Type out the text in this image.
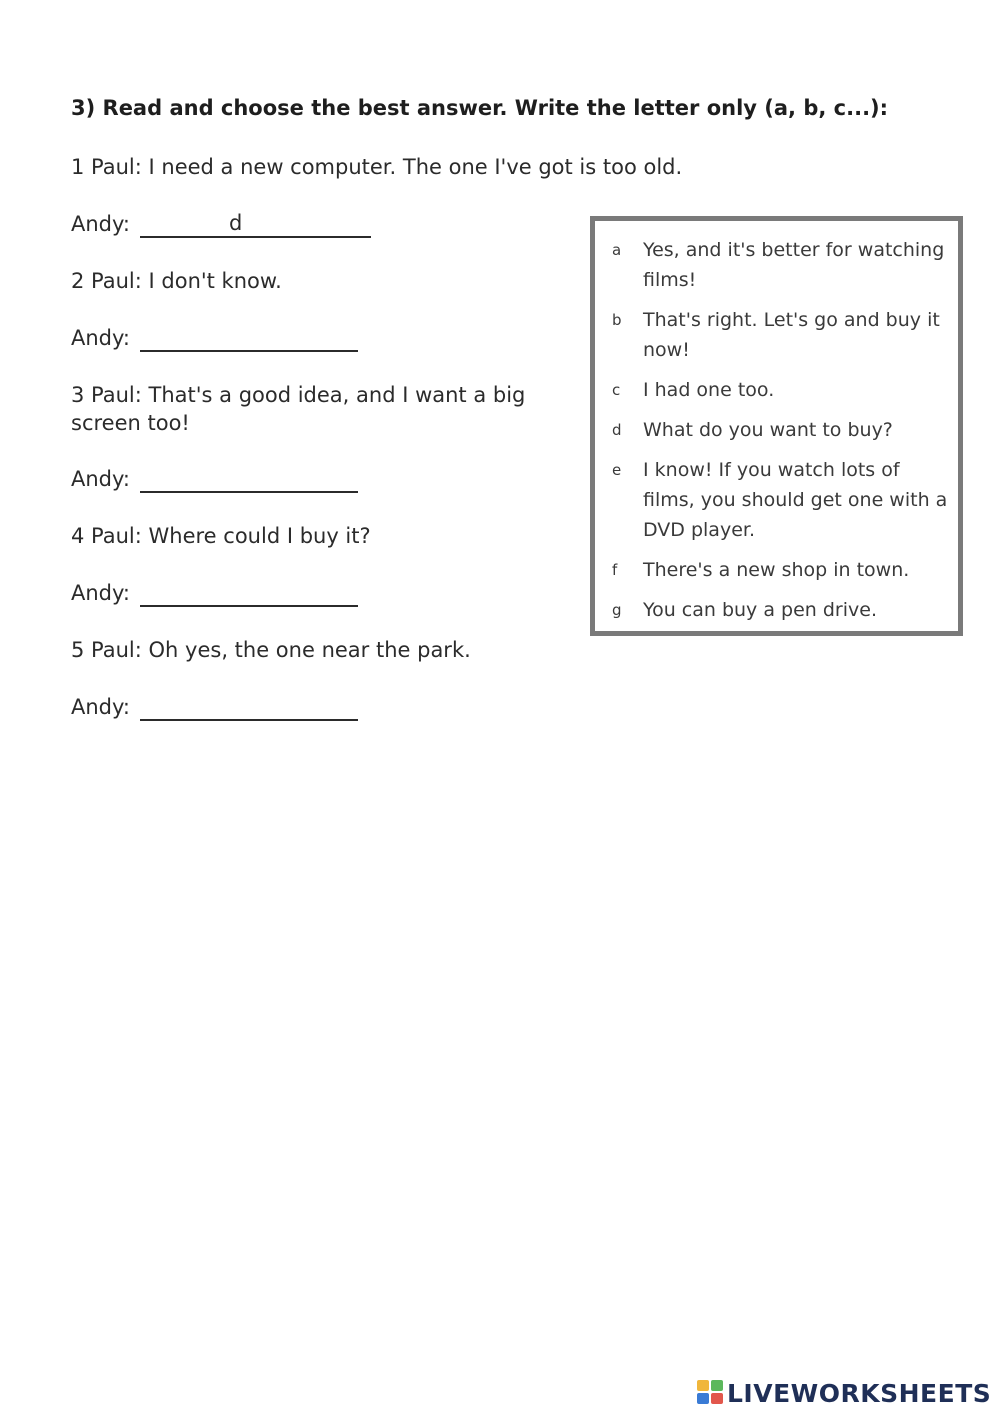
3) Read and choose the best answer. Write the letter only (a, b, c...):
1 Paul: I need a new computer. The one I've got is too old.
Andy:	d
2 Paul: I don't know.
Andy:
3 Paul: That's a good idea, and I want a big screen too!
Andy:
4 Paul: Where could I buy it?
Andy:
5 Paul: Oh yes, the one near the park.
Andy:
a	Yes, and it's better for watching films!
b	That's right. Let's go and buy it now!
c	I had one too.
d	What do you want to buy?
e	I know! If you watch lots of films, you should get one with a DVD player.
f	There's a new shop in town.
g	You can buy a pen drive.
LIVEWORKSHEETS
